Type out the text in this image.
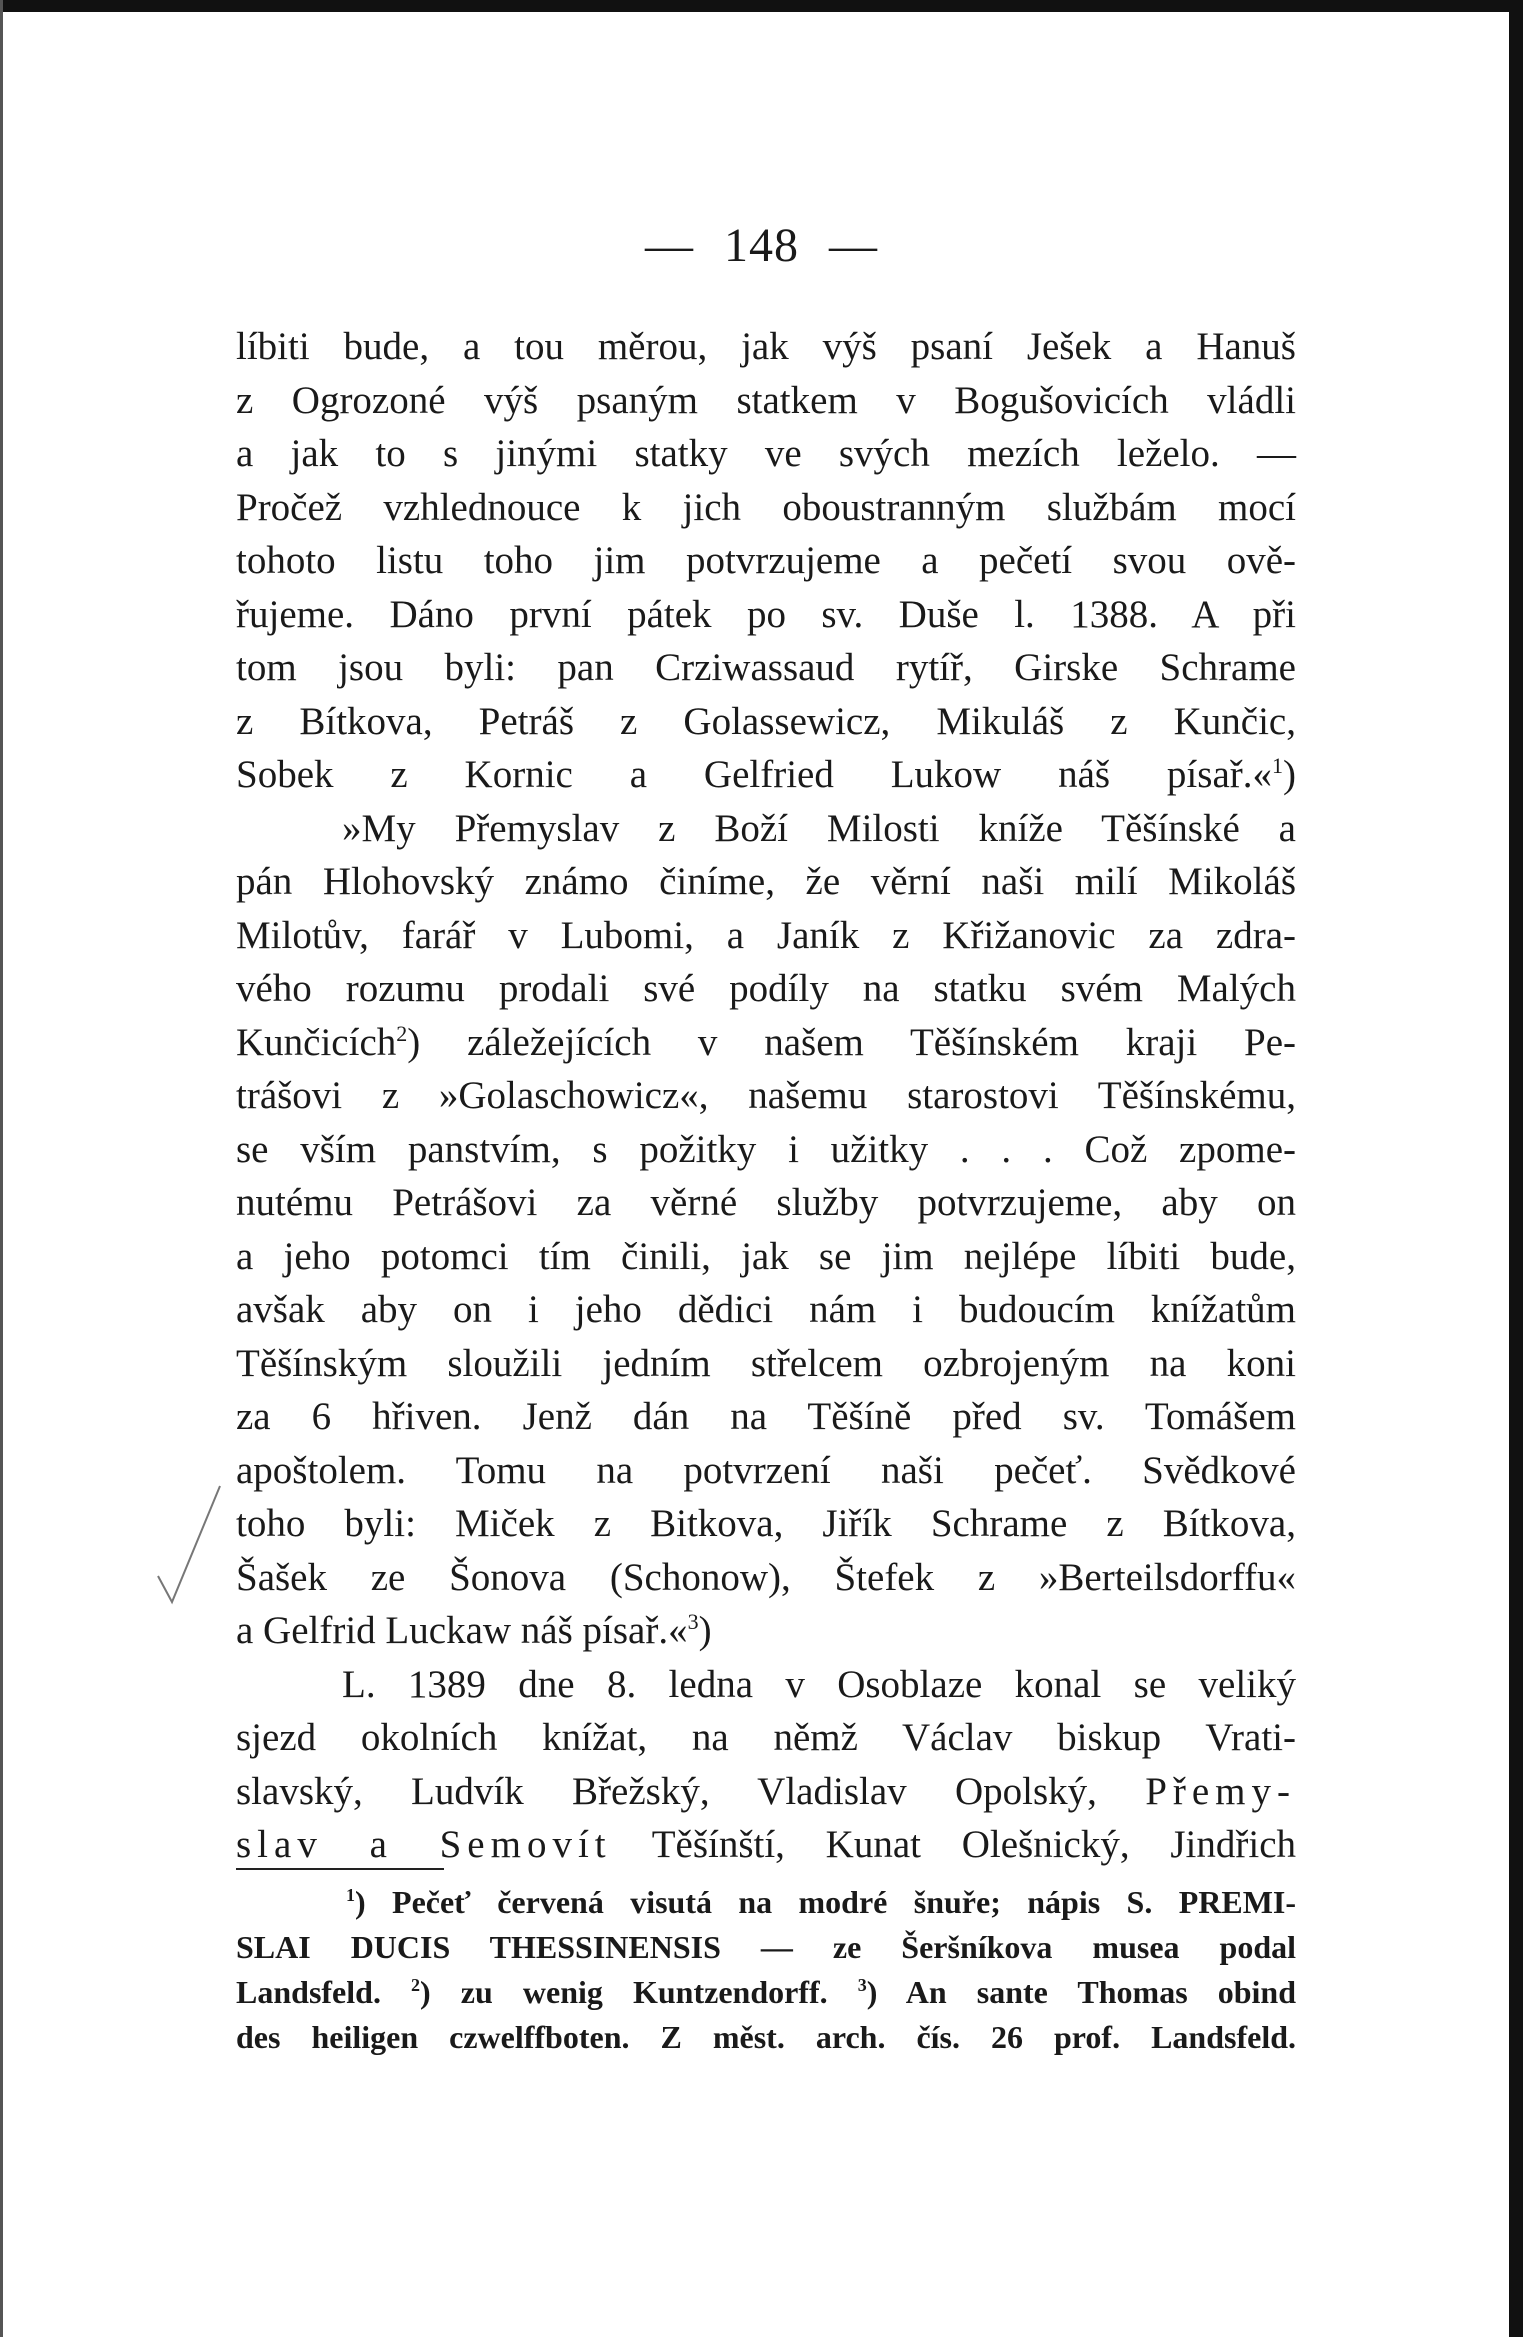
— 148 —
líbiti bude, a tou měrou, jak výš psaní Ješek a Hanuš
z Ogrozoné výš psaným statkem v Bogušovicích vládli
a jak to s jinými statky ve svých mezích leželo. —
Pročež vzhlednouce k jich oboustranným službám mocí
tohoto listu toho jim potvrzujeme a pečetí svou ově-
řujeme. Dáno první pátek po sv. Duše l. 1388. A při
tom jsou byli: pan Crziwassaud rytíř, Girske Schrame
z Bítkova, Petráš z Golassewicz, Mikuláš z Kunčic,
Sobek z Kornic a Gelfried Lukow náš písař.«$^1$)
»My Přemyslav z Boží Milosti kníže Těšínské a
pán Hlohovský známo činíme, že věrní naši milí Mikoláš
Milotův, farář v Lubomi, a Janík z Křižanovic za zdra-
vého rozumu prodali své podíly na statku svém Malých
Kunčicích$^2$) záležejících v našem Těšínském kraji Pe-
trášovi z »Golaschowicz«, našemu starostovi Těšínskému,
se vším panstvím, s požitky i užitky . . . Což zpome-
nutému Petrášovi za věrné služby potvrzujeme, aby on
a jeho potomci tím činili, jak se jim nejlépe líbiti bude,
avšak aby on i jeho dědici nám i budoucím knížatům
Těšínským sloužili jedním střelcem ozbrojeným na koni
za 6 hřiven. Jenž dán na Těšíně před sv. Tomášem
apoštolem. Tomu na potvrzení naši pečeť. Svědkové
toho byli: Miček z Bitkova, Jiřík Schrame z Bítkova,
Šašek ze Šonova (Schonow), Štefek z »Berteilsdorffu«
a Gelfrid Luckaw náš písař.«$^3$)
L. 1389 dne 8. ledna v Osoblaze konal se veliký
sjezd okolních knížat, na němž Václav biskup Vrati-
slavský, Ludvík Břežský, Vladislav Opolský, Přemy-
slav a Semovít Těšínští, Kunat Olešnický, Jindřich
$^1$) Pečeť červená visutá na modré šnuře; nápis S. PREMI-
SLAI DUCIS THESSINENSIS — ze Šeršníkova musea podal
Landsfeld. $^2$) zu wenig Kuntzendorff. $^3$) An sante Thomas obind
des heiligen czwelffboten. Z měst. arch. čís. 26 prof. Landsfeld.
